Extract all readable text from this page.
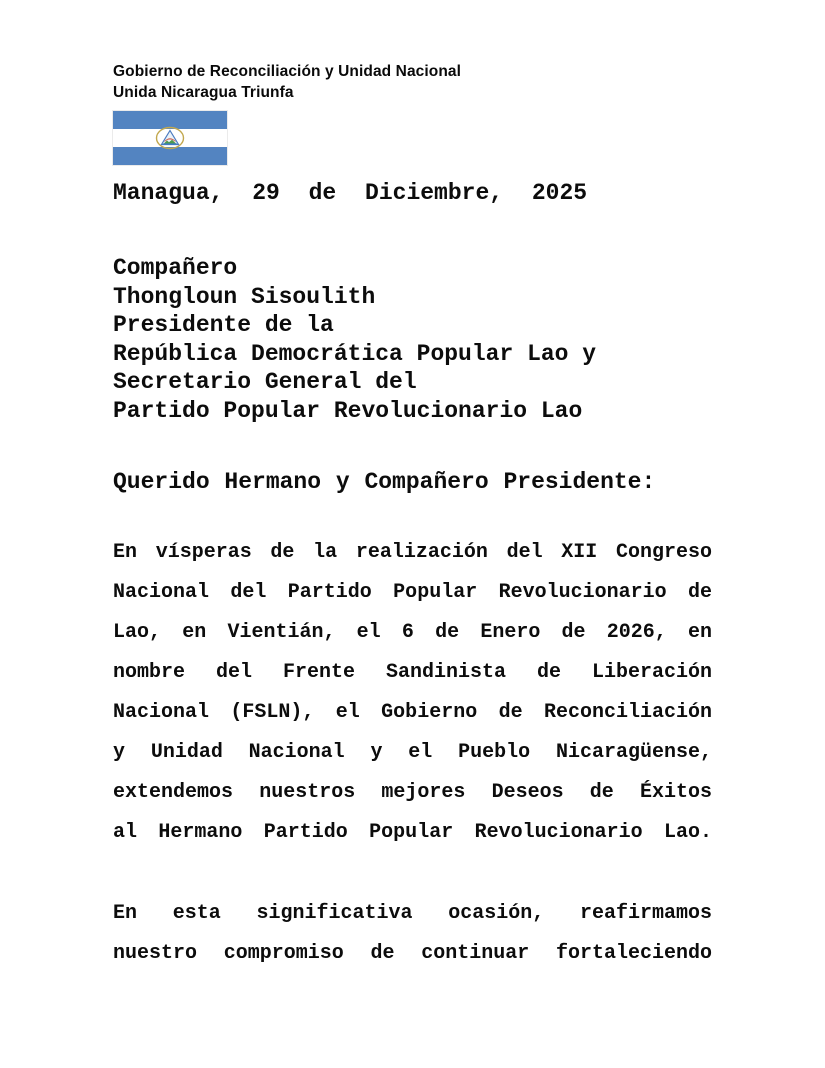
Gobierno de Reconciliación y Unidad Nacional
Unida Nicaragua Triunfa
Managua, 29 de Diciembre, 2025
Compañero
Thongloun Sisoulith
Presidente de la
República Democrática Popular Lao y
Secretario General del
Partido Popular Revolucionario Lao
Querido Hermano y Compañero Presidente:
En vísperas de la realización del XII Congreso
Nacional del Partido Popular Revolucionario de
Lao, en Vientián, el 6 de Enero de 2026, en
nombre del Frente Sandinista de Liberación
Nacional (FSLN), el Gobierno de Reconciliación
y Unidad Nacional y el Pueblo Nicaragüense,
extendemos nuestros mejores Deseos de Éxitos
al Hermano Partido Popular Revolucionario Lao.
En esta significativa ocasión, reafirmamos
nuestro compromiso de continuar fortaleciendo
